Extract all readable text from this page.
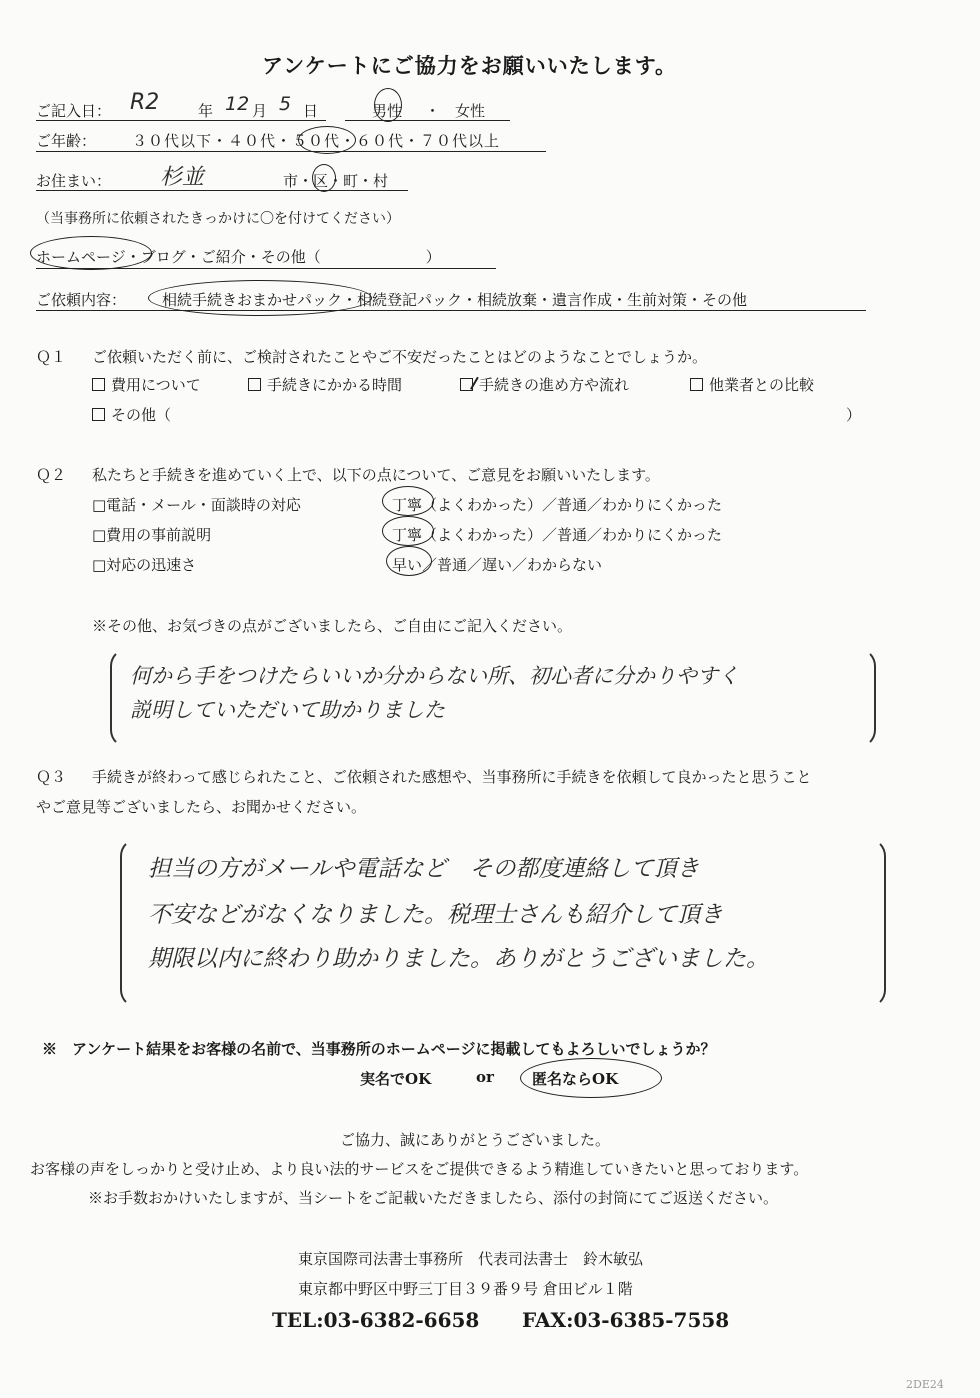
アンケートにご協力をお願いいたします。
ご記入日： R2	年 12 月 5 日	男性 ・ 女性
ご年齢： ３０代以下・４０代・５０代・６０代・７０代以上
お住まい： 杉並	市・区・町・村
（当事務所に依頼されたきっかけに〇を付けてください）
ホームページ・ブログ・ご紹介・その他（　　　　　　　）
ご依頼内容： 相続手続きおまかせパック・相続登記パック・相続放棄・遺言作成・生前対策・その他
Ｑ１ ご依頼いただく前に、ご検討されたことやご不安だったことはどのようなことでしょうか。
費用について	手続きにかかる時間	手続きの進め方や流れ	他業者との比較
その他（	）
Ｑ２ 私たちと手続きを進めていく上で、以下の点について、ご意見をお願いいたします。
□電話・メール・面談時の対応	丁寧（よくわかった）／普通／わかりにくかった
□費用の事前説明	丁寧（よくわかった）／普通／わかりにくかった
□対応の迅速さ	早い／普通／遅い／わからない
※その他、お気づきの点がございましたら、ご自由にご記入ください。
何から手をつけたらいいか分からない所、初心者に分かりやすく
説明していただいて助かりました
Ｑ３ 手続きが終わって感じられたこと、ご依頼された感想や、当事務所に手続きを依頼して良かったと思うこと
やご意見等ございましたら、お聞かせください。
担当の方がメールや電話など　その都度連絡して頂き
不安などがなくなりました。税理士さんも紹介して頂き
期限以内に終わり助かりました。ありがとうございました。
※　アンケート結果をお客様の名前で、当事務所のホームページに掲載してもよろしいでしょうか？
実名でOK	or	匿名ならOK
ご協力、誠にありがとうございました。
お客様の声をしっかりと受け止め、より良い法的サービスをご提供できるよう精進していきたいと思っております。
※お手数おかけいたしますが、当シートをご記載いただきましたら、添付の封筒にてご返送ください。
東京国際司法書士事務所　代表司法書士　鈴木敏弘
東京都中野区中野三丁目３９番９号 倉田ビル１階
TEL:03-6382-6658 FAX:03-6385-7558
2DE24
